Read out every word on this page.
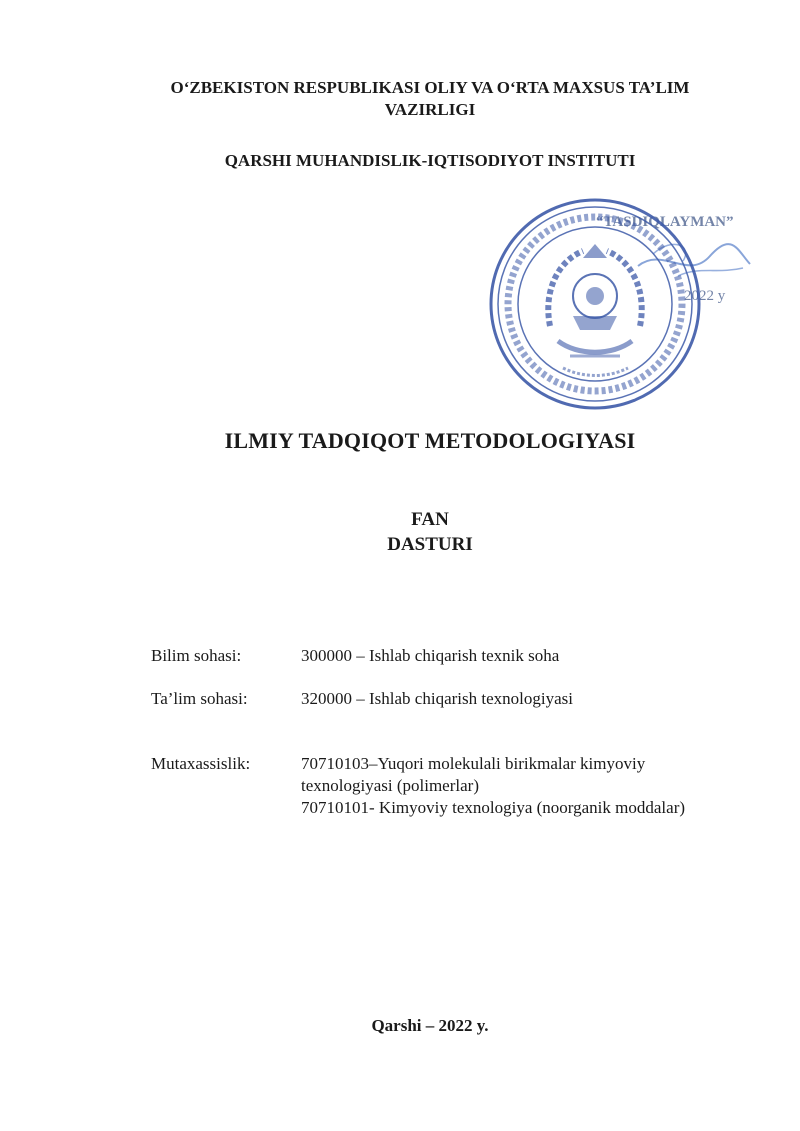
O‘ZBEKISTON RESPUBLIKASI OLIY VA O‘RTA MAXSUS TA’LIM
VAZIRLIGI
QARSHI MUHANDISLIK-IQTISODIYOT INSTITUTI
“TASDIQLAYMAN”
2022 y
ILMIY TADQIQOT METODOLOGIYASI
FAN
DASTURI
Bilim sohasi:	300000 – Ishlab chiqarish texnik soha
Ta’lim sohasi:	320000 – Ishlab chiqarish texnologiyasi
Mutaxassislik:	70710103–Yuqori molekulali birikmalar kimyoviy
texnologiyasi (polimerlar)
70710101- Kimyoviy texnologiya (noorganik moddalar)
Qarshi – 2022 y.
